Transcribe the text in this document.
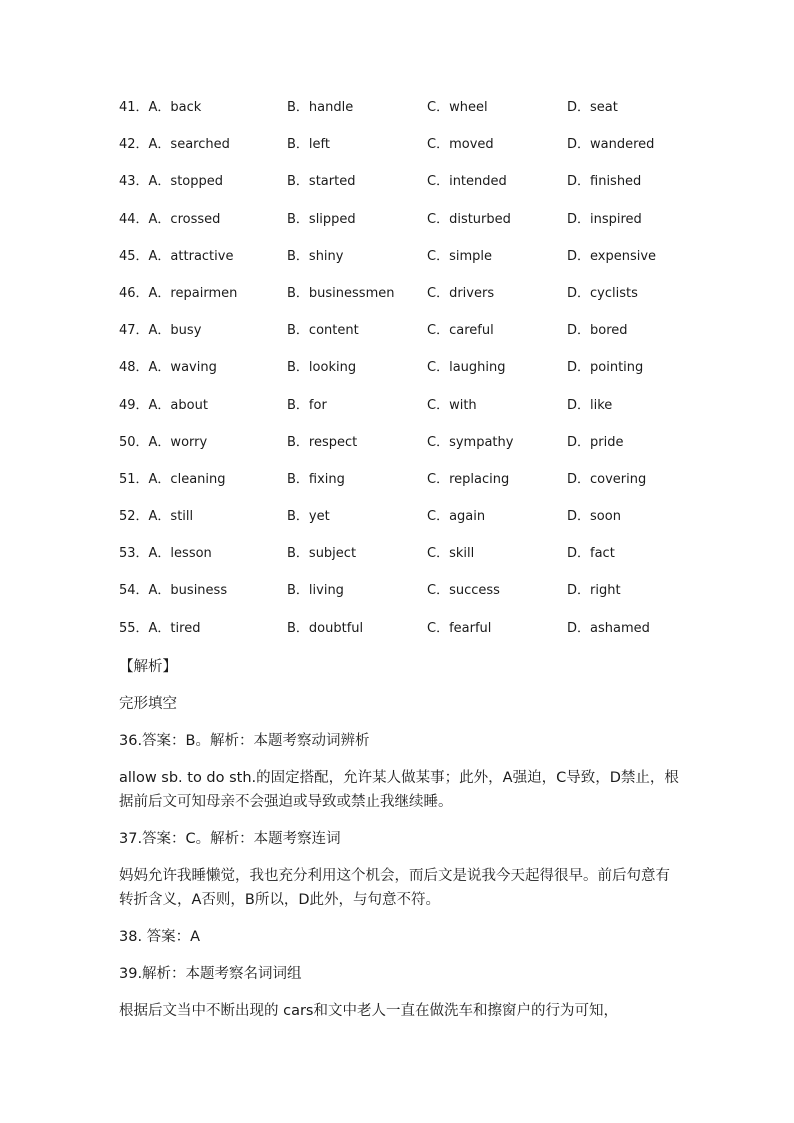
41．A．back	B．handle	C．wheel	D．seat
42．A．searched	B．left	C．moved	D．wandered
43．A．stopped	B．started	C．intended	D．finished
44．A．crossed	B．slipped	C．disturbed	D．inspired
45．A．attractive	B．shiny	C．simple	D．expensive
46．A．repairmen	B．businessmen	C．drivers	D．cyclists
47．A．busy	B．content	C．careful	D．bored
48．A．waving	B．looking	C．laughing	D．pointing
49．A．about	B．for	C．with	D．like
50．A．worry	B．respect	C．sympathy	D．pride
51．A．cleaning	B．fixing	C．replacing	D．covering
52．A．still	B．yet	C．again	D．soon
53．A．lesson	B．subject	C．skill	D．fact
54．A．business	B．living	C．success	D．right
55．A．tired	B．doubtful	C．fearful	D．ashamed

【解析】

完形填空

36.答案：B。解析：本题考察动词辨析

allow sb. to do sth.的固定搭配，允许某人做某事；此外，A强迫，C导致，D禁止，根据前后文可知母亲不会强迫或导致或禁止我继续睡。

37.答案：C。解析：本题考察连词

妈妈允许我睡懒觉，我也充分利用这个机会，而后文是说我今天起得很早。前后句意有转折含义，A否则，B所以，D此外，与句意不符。

38. 答案：A

39.解析：本题考察名词词组

根据后文当中不断出现的 cars和文中老人一直在做洗车和擦窗户的行为可知，
